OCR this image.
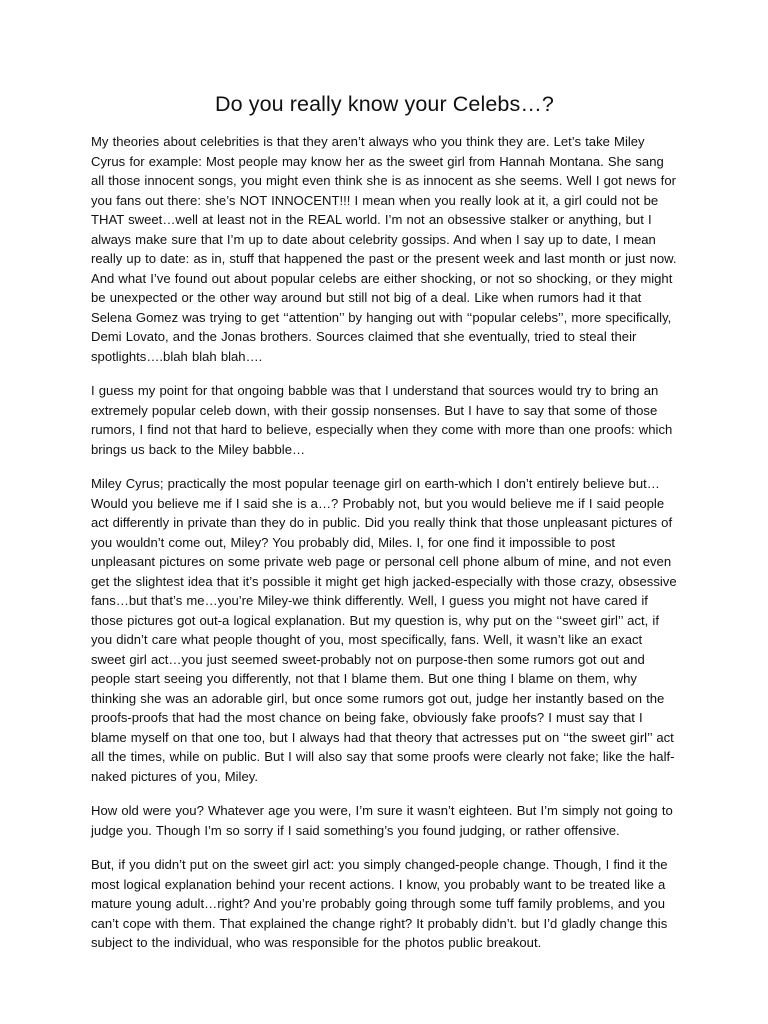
Do you really know your Celebs…?

My theories about celebrities is that they aren’t always who you think they are. Let’s take Miley Cyrus for example: Most people may know her as the sweet girl from Hannah Montana. She sang all those innocent songs, you might even think she is as innocent as she seems. Well I got news for you fans out there: she’s NOT INNOCENT!!! I mean when you really look at it, a girl could not be THAT sweet…well at least not in the REAL world. I’m not an obsessive stalker or anything, but I always make sure that I’m up to date about celebrity gossips. And when I say up to date, I mean really up to date: as in, stuff that happened the past or the present week and last month or just now. And what I’ve found out about popular celebs are either shocking, or not so shocking, or they might be unexpected or the other way around but still not big of a deal. Like when rumors had it that Selena Gomez was trying to get ‘‘attention’’ by hanging out with ‘‘popular celebs’’, more specifically, Demi Lovato, and the Jonas brothers. Sources claimed that she eventually, tried to steal their spotlights….blah blah blah….

I guess my point for that ongoing babble was that I understand that sources would try to bring an extremely popular celeb down, with their gossip nonsenses. But I have to say that some of those rumors, I find not that hard to believe, especially when they come with more than one proofs: which brings us back to the Miley babble…

Miley Cyrus; practically the most popular teenage girl on earth-which I don’t entirely believe but… Would you believe me if I said she is a…? Probably not, but you would believe me if I said people act differently in private than they do in public. Did you really think that those unpleasant pictures of you wouldn’t come out, Miley? You probably did, Miles. I, for one find it impossible to post unpleasant pictures on some private web page or personal cell phone album of mine, and not even get the slightest idea that it’s possible it might get high jacked-especially with those crazy, obsessive fans…but that’s me…you’re Miley-we think differently. Well, I guess you might not have cared if those pictures got out-a logical explanation. But my question is, why put on the ‘‘sweet girl’’ act, if you didn’t care what people thought of you, most specifically, fans. Well, it wasn’t like an exact sweet girl act…you just seemed sweet-probably not on purpose-then some rumors got out and people start seeing you differently, not that I blame them. But one thing I blame on them, why thinking she was an adorable girl, but once some rumors got out, judge her instantly based on the proofs-proofs that had the most chance on being fake, obviously fake proofs? I must say that I blame myself on that one too, but I always had that theory that actresses put on ‘‘the sweet girl’’ act all the times, while on public. But I will also say that some proofs were clearly not fake; like the half-naked pictures of you, Miley.

How old were you? Whatever age you were, I’m sure it wasn’t eighteen. But I’m simply not going to judge you. Though I’m so sorry if I said something’s you found judging, or rather offensive.

But, if you didn’t put on the sweet girl act: you simply changed-people change. Though, I find it the most logical explanation behind your recent actions. I know, you probably want to be treated like a mature young adult…right? And you’re probably going through some tuff family problems, and you can’t cope with them. That explained the change right? It probably didn’t. but I’d gladly change this subject to the individual, who was responsible for the photos public breakout.
